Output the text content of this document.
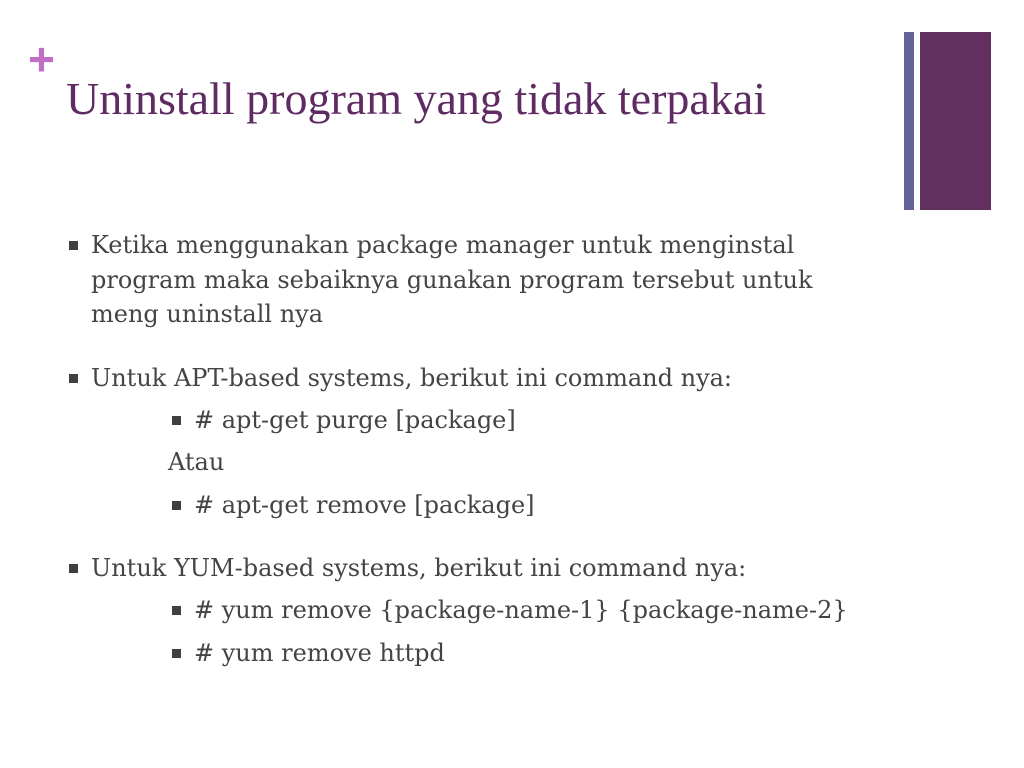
+
Uninstall program yang tidak terpakai
Ketika menggunakan package manager untuk menginstal
program maka sebaiknya gunakan program tersebut untuk
meng uninstall nya
Untuk APT-based systems, berikut ini command nya:
# apt-get purge [package]
Atau
# apt-get remove [package]
Untuk YUM-based systems, berikut ini command nya:
# yum remove {package-name-1} {package-name-2}
# yum remove httpd
